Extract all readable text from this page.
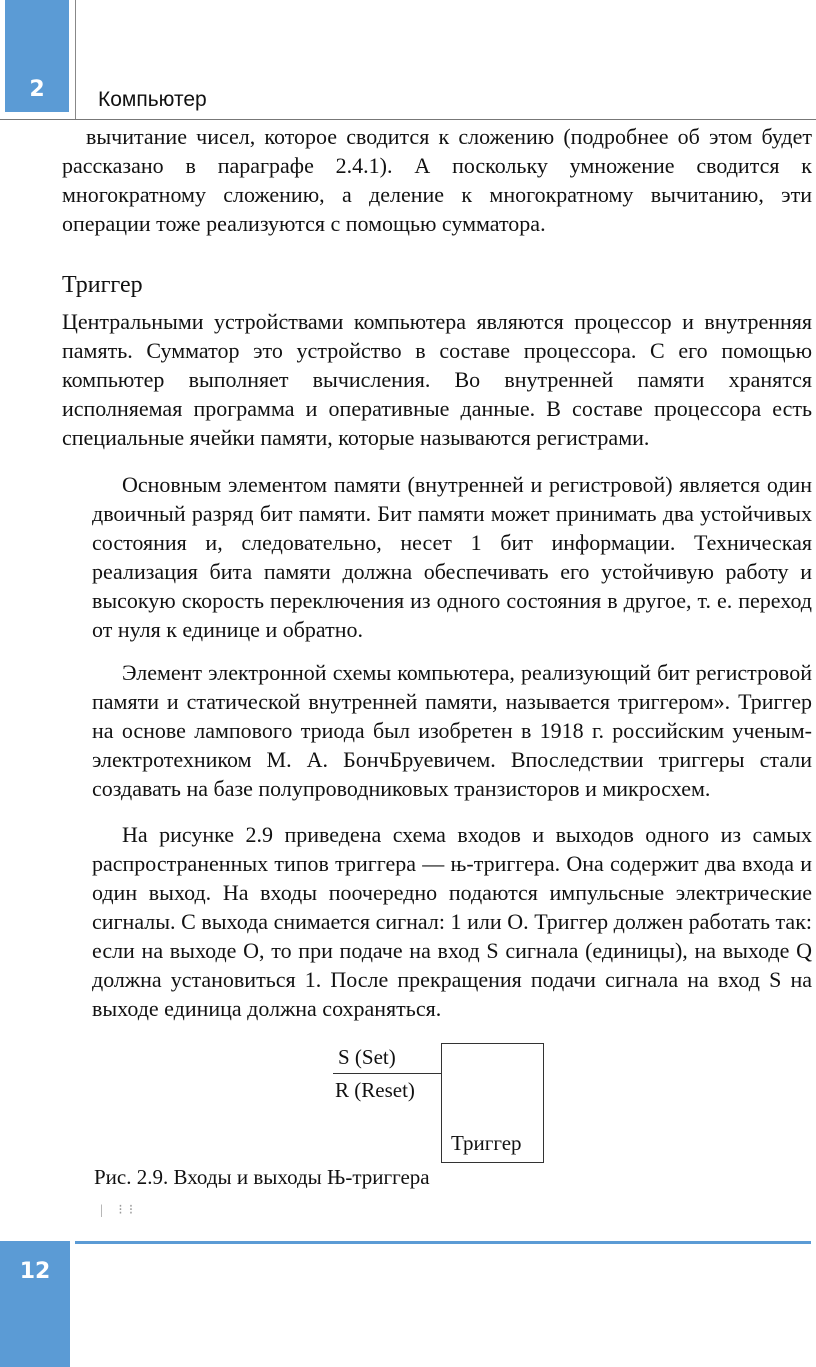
2	Компьютер

вычитание чисел, которое сводится к сложению (подробнее об этом будет рассказано в параграфе 2.4.1). А поскольку умножение сводится к многократному сложению, а деление к многократному вычитанию, эти операции тоже реализуются с помощью сумматора.

Триггер

Центральными устройствами компьютера являются процессор и внутренняя память. Сумматор это устройство в составе процессора. С его помощью компьютер выполняет вычисления. Во внутренней памяти хранятся исполняемая программа и оперативные данные. В составе процессора есть специальные ячейки памяти, которые называются регистрами.

Основным элементом памяти (внутренней и регистровой) является один двоичный разряд бит памяти. Бит памяти может принимать два устойчивых состояния и, следовательно, несет 1 бит информации. Техническая реализация бита памяти должна обеспечивать его устойчивую работу и высокую скорость переключения из одного состояния в другое, т. е. переход от нуля к единице и обратно.

Элемент электронной схемы компьютера, реализующий бит регистровой памяти и статической внутренней памяти, называется триггером». Триггер на основе лампового триода был изобретен в 1918 г. российским ученым-электротехником М. А. БончБруевичем. Впоследствии триггеры стали создавать на базе полупроводниковых транзисторов и микросхем.

На рисунке 2.9 приведена схема входов и выходов одного из самых распространенных типов триггера — њ-триггера. Она содержит два входа и один выход. На входы поочередно подаются импульсные электрические сигналы. С выхода снимается сигнал: 1 или О. Триггер должен работать так: если на выходе О, то при подаче на вход S сигнала (единицы), на выходе Q должна установиться 1. После прекращения подачи сигнала на вход S на выходе единица должна сохраняться.

S (Set)
R (Reset)
Триггер
Рис. 2.9. Входы и выходы Њ-триггера
| ⁝⁝
12
